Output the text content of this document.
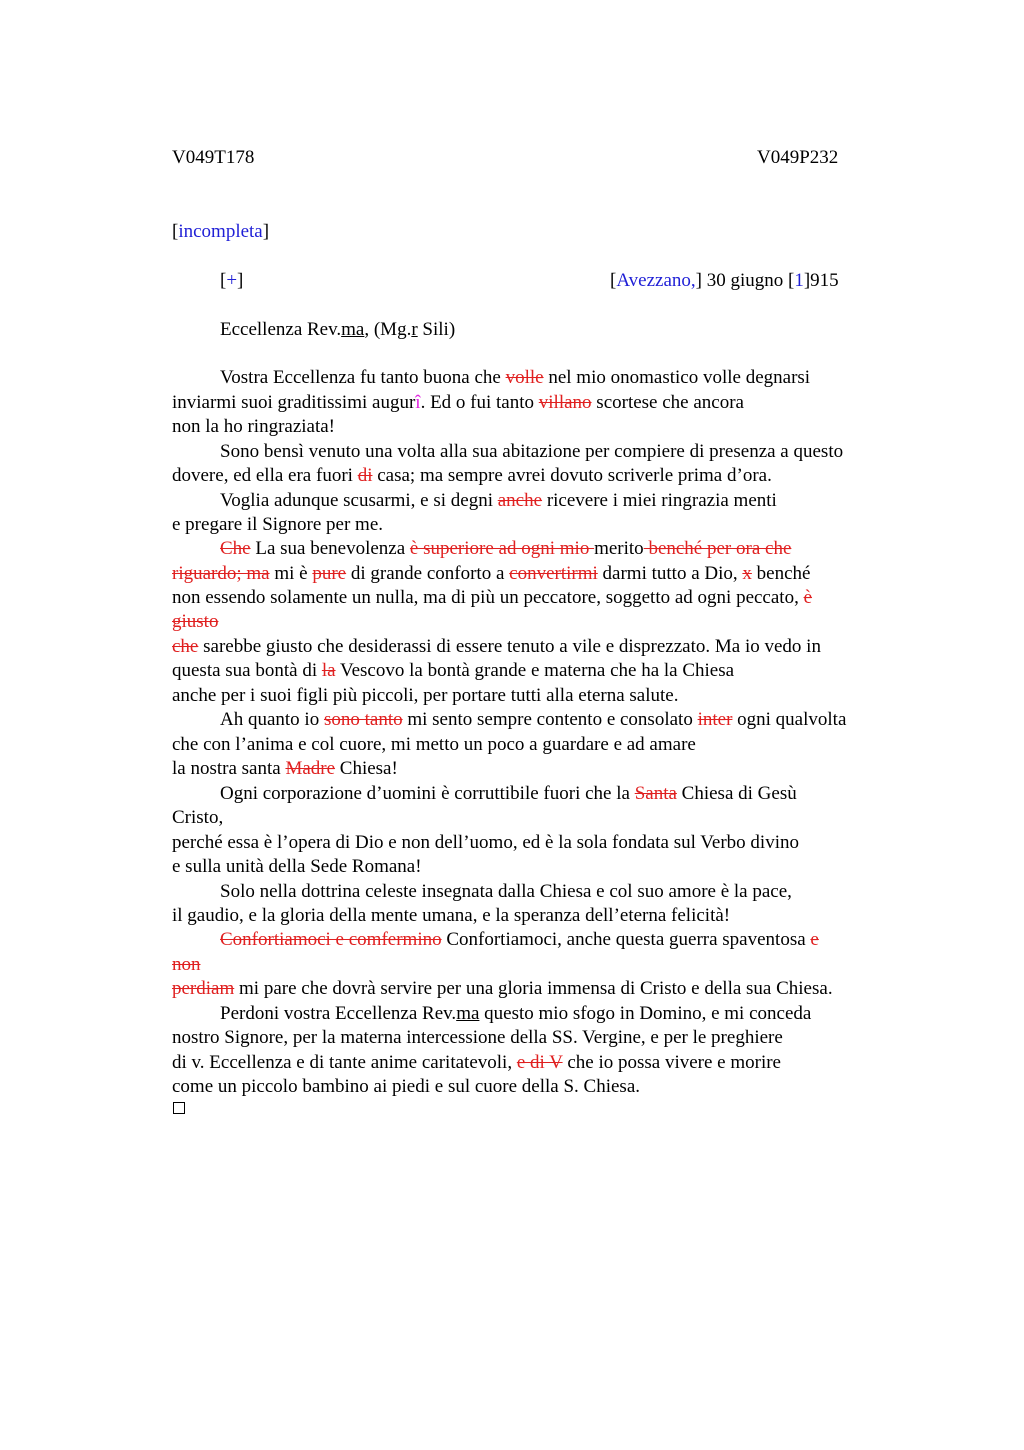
V049T178	V049P232
[incompleta]
[+]	[Avezzano,] 30 giugno [1]915
Eccellenza Rev.ma, (Mg.r Sili)
Vostra Eccellenza fu tanto buona che volle nel mio onomastico volle degnarsi
inviarmi suoi graditissimi augurî. Ed o fui tanto villano scortese che ancora
non la ho ringraziata!
Sono bensì venuto una volta alla sua abitazione per compiere di presenza a questo
dovere, ed ella era fuori di casa; ma sempre avrei dovuto scriverle prima d’ora.
Voglia adunque scusarmi, e si degni anche ricevere i miei ringrazia menti
e pregare il Signore per me.
Che La sua benevolenza è superiore ad ogni mio merito benché per ora che
riguardo; ma mi è pure di grande conforto a convertirmi darmi tutto a Dio, x benché
non essendo solamente un nulla, ma di più un peccatore, soggetto ad ogni peccato, è
giusto
che sarebbe giusto che desiderassi di essere tenuto a vile e disprezzato. Ma io vedo in
questa sua bontà di la Vescovo la bontà grande e materna che ha la Chiesa
anche per i suoi figli più piccoli, per portare tutti alla eterna salute.
Ah quanto io sono tanto mi sento sempre contento e consolato inter ogni qualvolta
che con l’anima e col cuore, mi metto un poco a guardare e ad amare
la nostra santa Madre Chiesa!
Ogni corporazione d’uomini è corruttibile fuori che la Santa Chiesa di Gesù
Cristo,
perché essa è l’opera di Dio e non dell’uomo, ed è la sola fondata sul Verbo divino
e sulla unità della Sede Romana!
Solo nella dottrina celeste insegnata dalla Chiesa e col suo amore è la pace,
il gaudio, e la gloria della mente umana, e la speranza dell’eterna felicità!
Confortiamoci e comfermino Confortiamoci, anche questa guerra spaventosa e
non
perdiam mi pare che dovrà servire per una gloria immensa di Cristo e della sua Chiesa.
Perdoni vostra Eccellenza Rev.ma questo mio sfogo in Domino, e mi conceda
nostro Signore, per la materna intercessione della SS. Vergine, e per le preghiere
di v. Eccellenza e di tante anime caritatevoli, e di V che io possa vivere e morire
come un piccolo bambino ai piedi e sul cuore della S. Chiesa.
